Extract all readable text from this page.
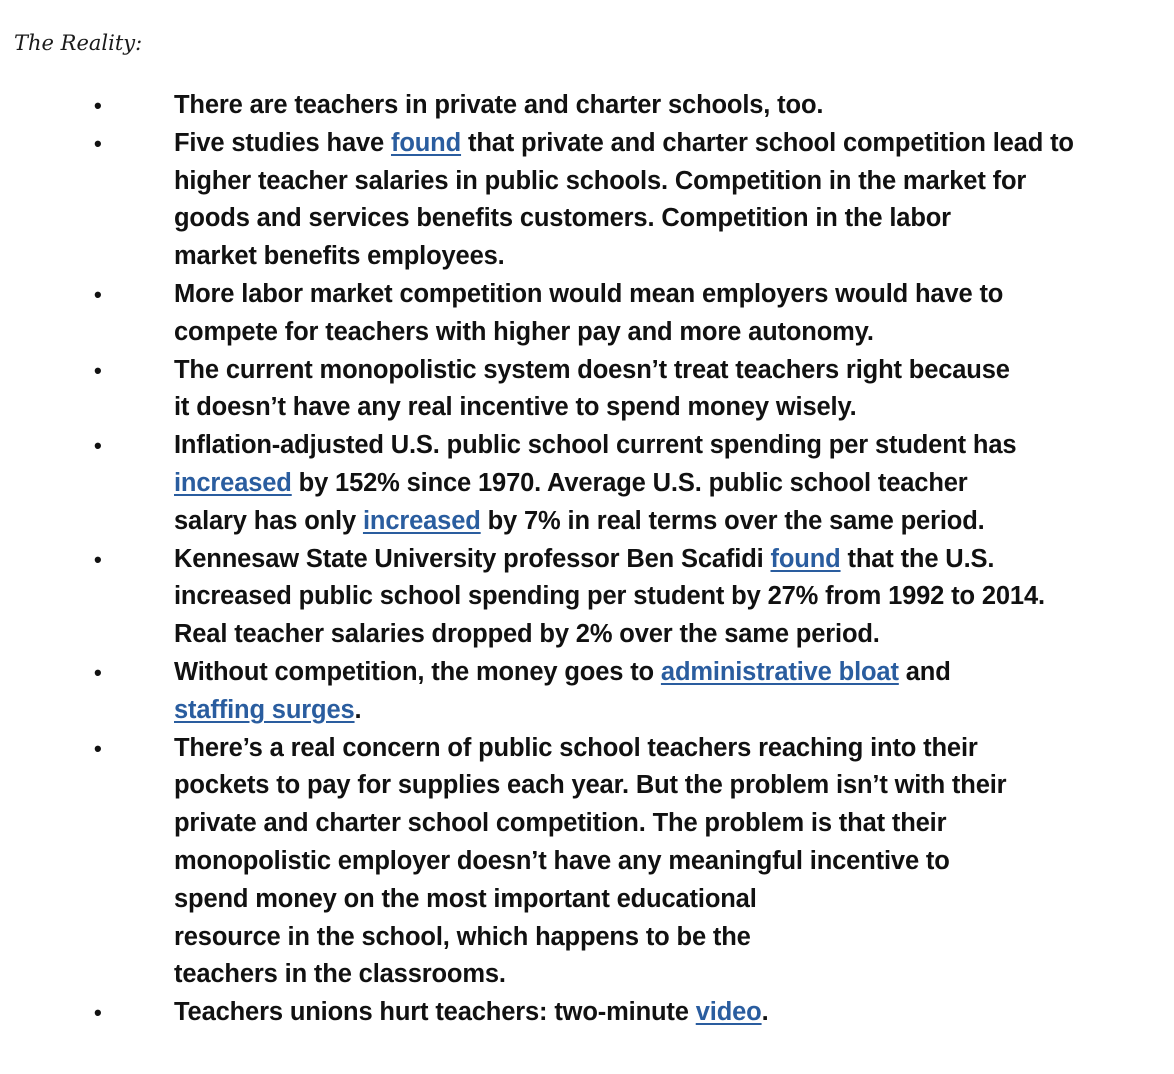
The Reality:

•	There are teachers in private and charter schools, too.
•	Five studies have found that private and charter school competition lead to
higher teacher salaries in public schools. Competition in the market for
goods and services benefits customers. Competition in the labor
market benefits employees.
•	More labor market competition would mean employers would have to
compete for teachers with higher pay and more autonomy.
•	The current monopolistic system doesn’t treat teachers right because
it doesn’t have any real incentive to spend money wisely.
•	Inflation-adjusted U.S. public school current spending per student has
increased by 152% since 1970. Average U.S. public school teacher
salary has only increased by 7% in real terms over the same period.
•	Kennesaw State University professor Ben Scafidi found that the U.S.
increased public school spending per student by 27% from 1992 to 2014.
Real teacher salaries dropped by 2% over the same period.
•	Without competition, the money goes to administrative bloat and
staffing surges.
•	There’s a real concern of public school teachers reaching into their
pockets to pay for supplies each year. But the problem isn’t with their
private and charter school competition. The problem is that their
monopolistic employer doesn’t have any meaningful incentive to
spend money on the most important educational
resource in the school, which happens to be the
teachers in the classrooms.
•	Teachers unions hurt teachers: two-minute video.
